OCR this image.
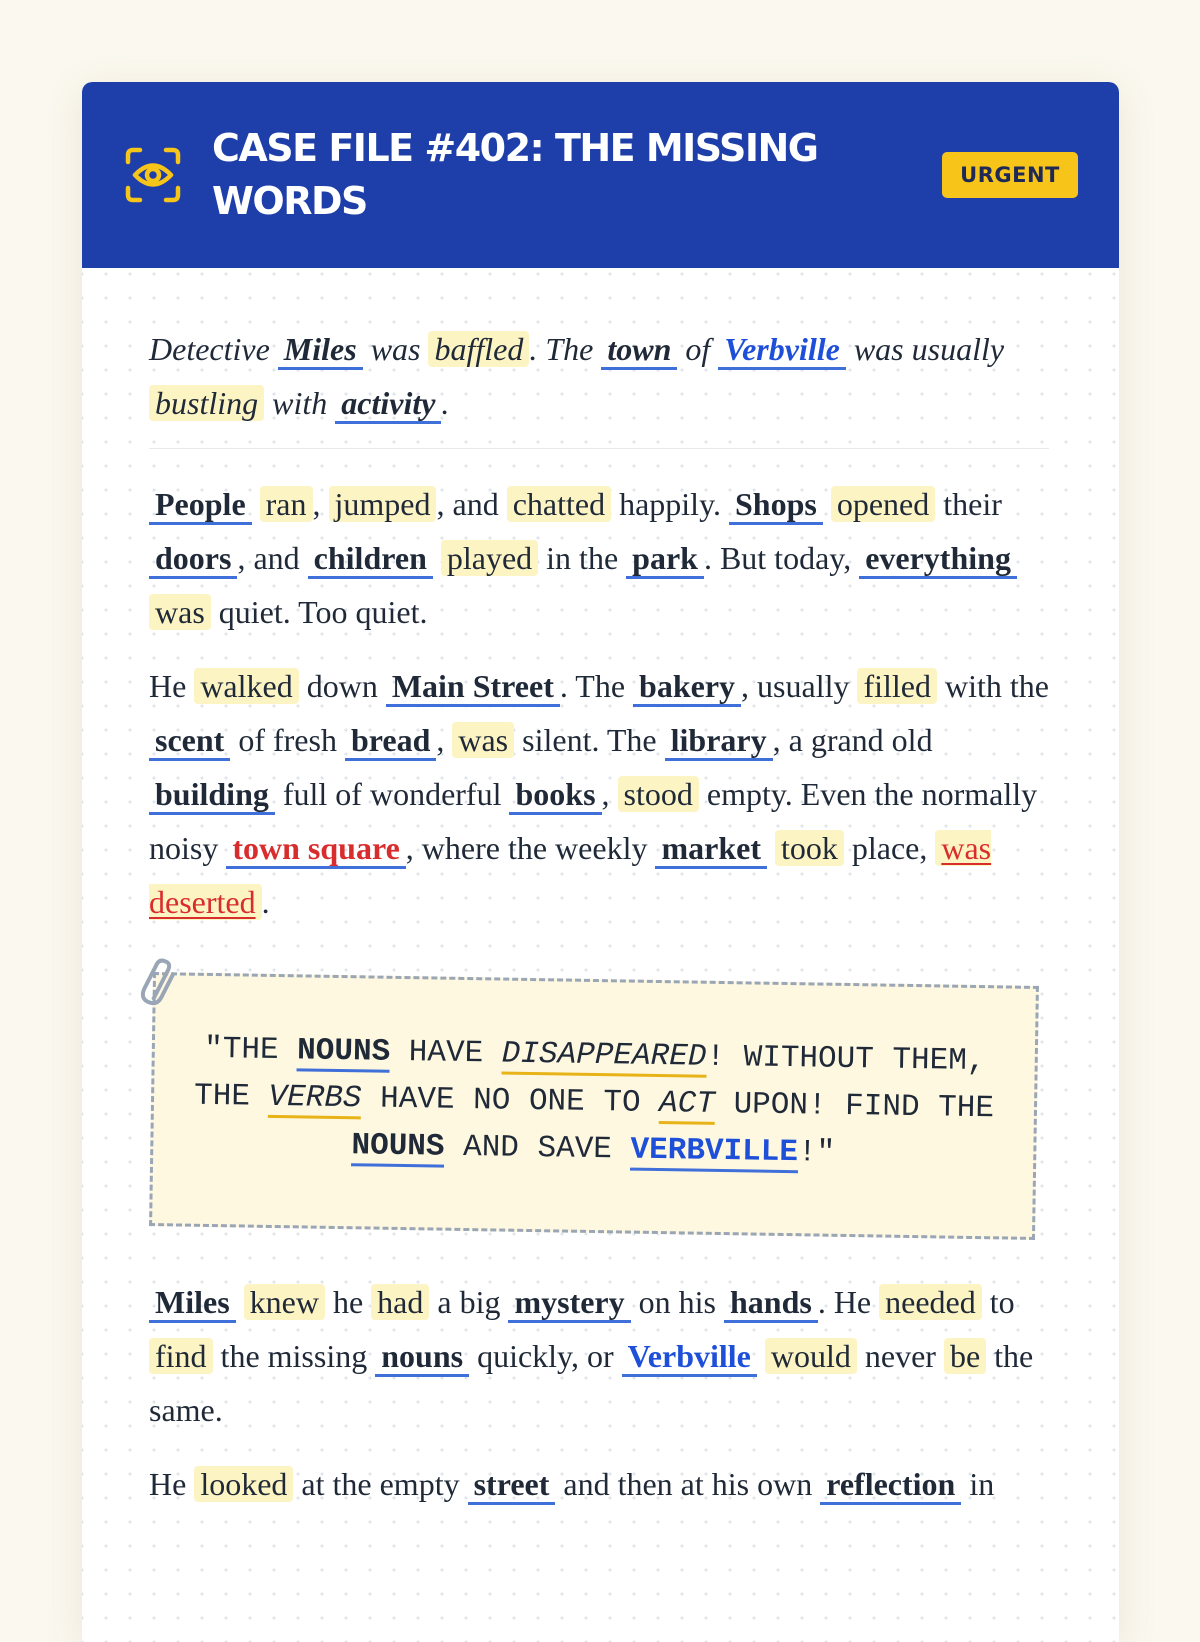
CASE FILE #402: THE MISSING WORDS
URGENT

Detective Miles was baffled . The town of Verbville was usually bustling with activity .

People ran , jumped , and chatted happily. Shops opened their doors , and children played in the park . But today, everything was quiet. Too quiet.

He walked down Main Street . The bakery , usually filled with the scent of fresh bread , was silent. The library , a grand old building full of wonderful books , stood empty. Even the normally noisy town square , where the weekly market took place, was deserted .

"THE NOUNS HAVE DISAPPEARED! WITHOUT THEM, THE VERBS HAVE NO ONE TO ACT UPON! FIND THE NOUNS AND SAVE VERBVILLE!"

Miles knew he had a big mystery on his hands . He needed to find the missing nouns quickly, or Verbville would never be the same.

He looked at the empty street and then at his own reflection in
